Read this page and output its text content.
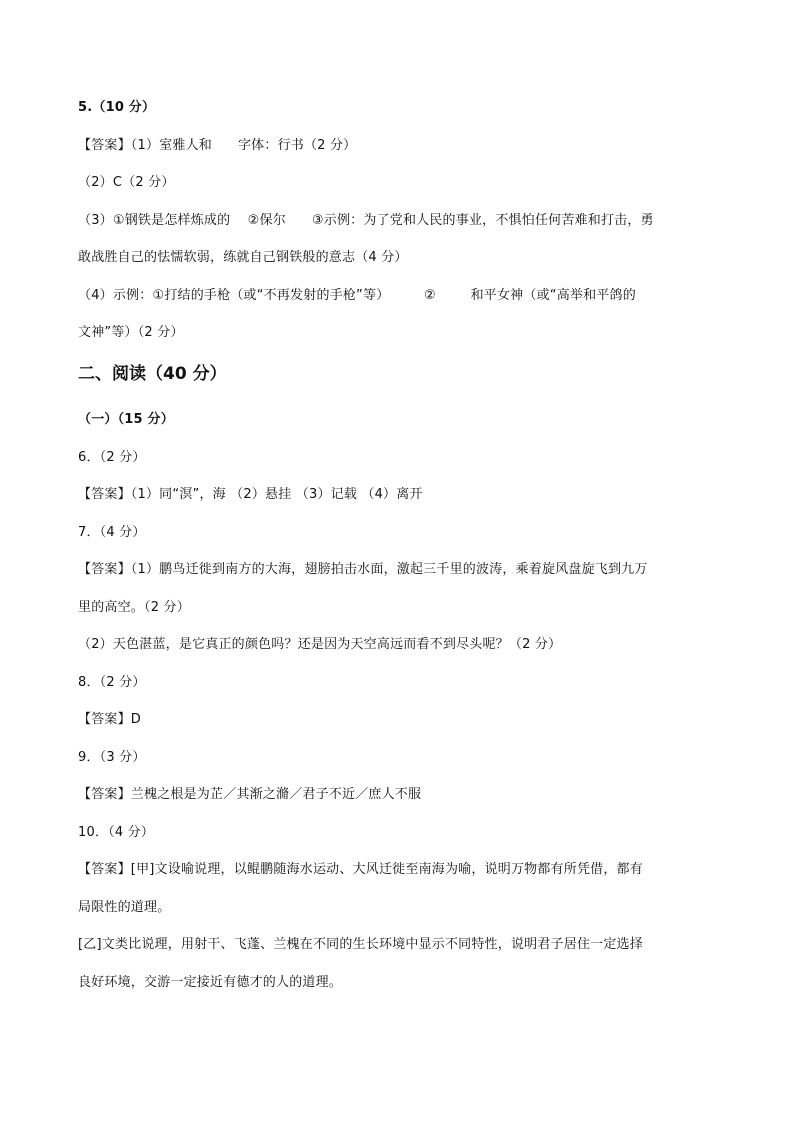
5.（10 分）
【答案】（1）室雅人和      字体：行书（2 分）
（2）C（2 分）
（3）①钢铁是怎样炼成的    ②保尔      ③示例：为了党和人民的事业，不惧怕任何苦难和打击，勇
敢战胜自己的怯懦软弱，练就自己钢铁般的意志（4 分）
（4）示例：①打结的手枪（或“不再发射的手枪”等）        ②        和平女神（或“高举和平鸽的
文神”等）（2 分）
二、阅读（40 分）
（一）（15 分）
6．（2 分）
【答案】（1）同“溟”，海 （2）悬挂 （3）记载 （4）离开
7．（4 分）
【答案】（1）鹏鸟迁徙到南方的大海，翅膀拍击水面，激起三千里的波涛，乘着旋风盘旋飞到九万
里的高空。（2 分）
（2）天色湛蓝，是它真正的颜色吗？还是因为天空高远而看不到尽头呢？（2 分）
8．（2 分）
【答案】D
9．（3 分）
【答案】兰槐之根是为芷／其渐之滫／君子不近／庶人不服
10．（4 分）
【答案】[甲]文设喻说理，以鲲鹏随海水运动、大风迁徙至南海为喻，说明万物都有所凭借，都有
局限性的道理。
[乙]文类比说理，用射干、飞蓬、兰槐在不同的生长环境中显示不同特性，说明君子居住一定选择
良好环境，交游一定接近有德才的人的道理。
